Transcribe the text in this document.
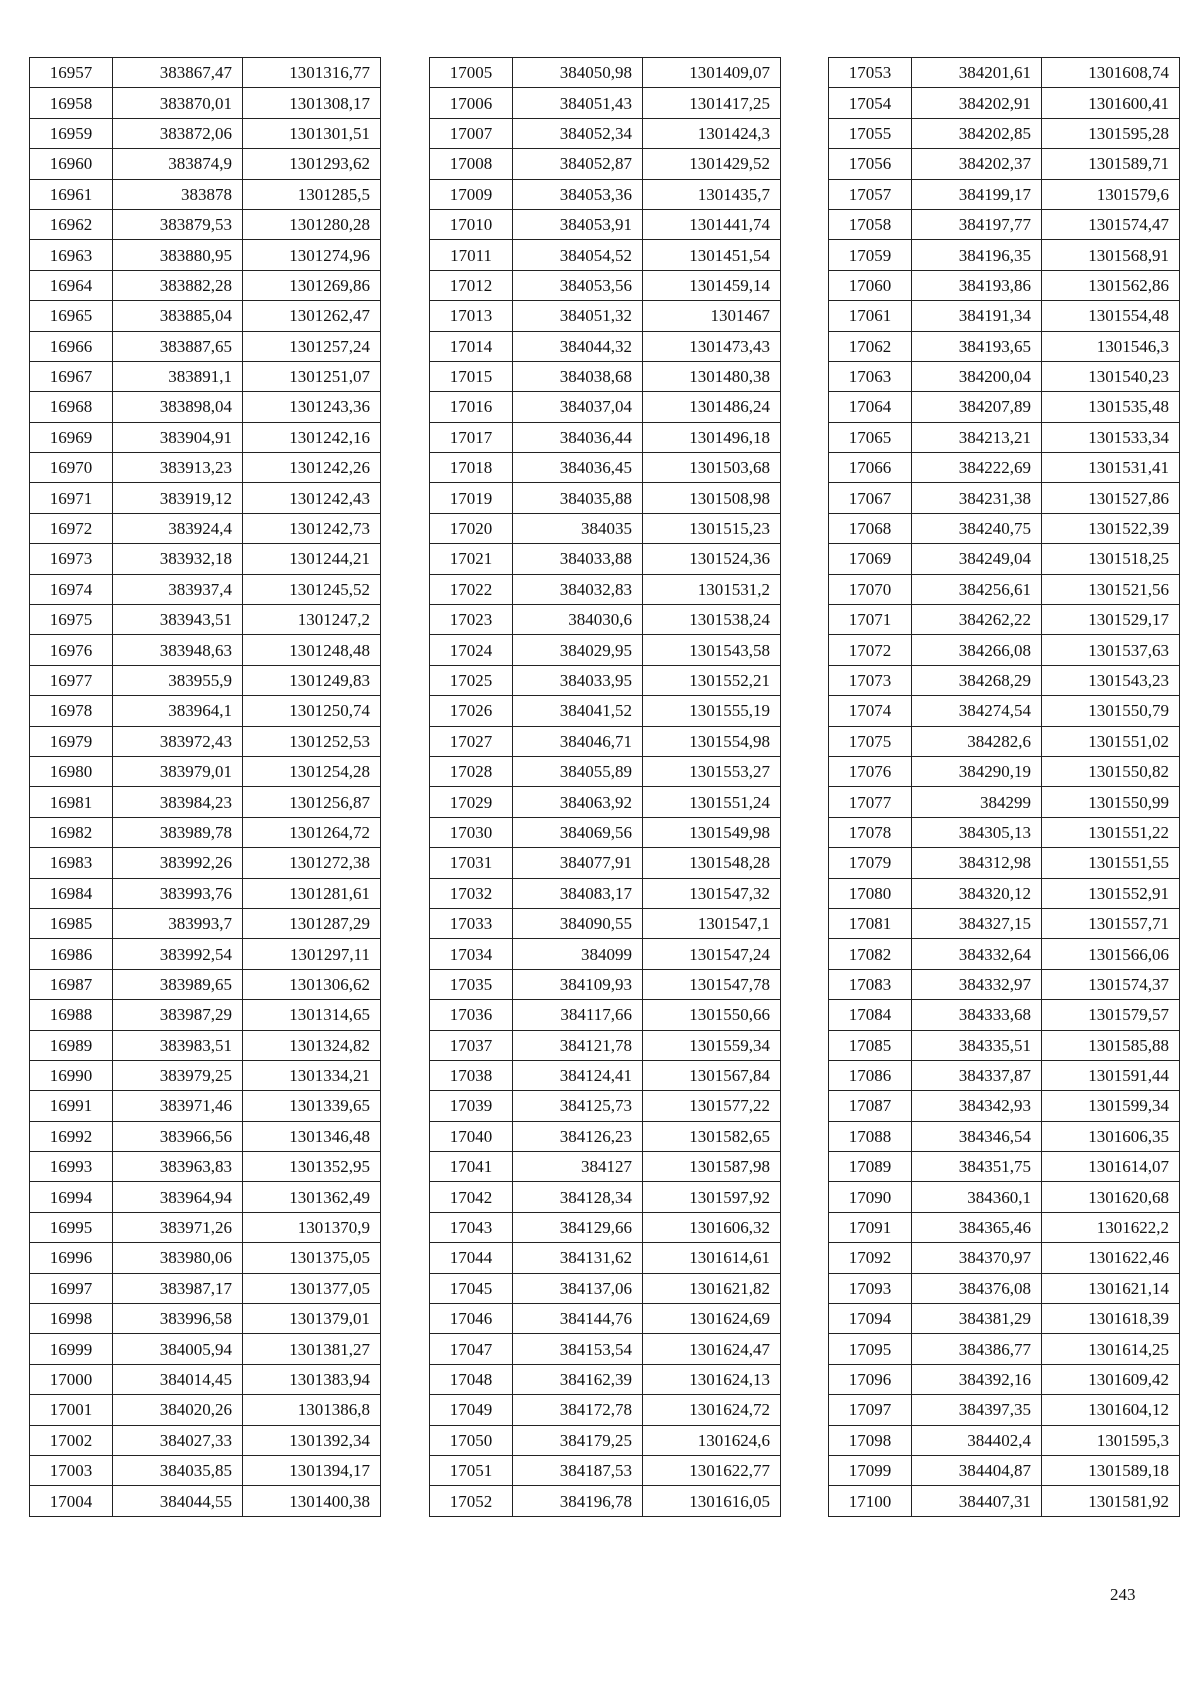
16957	383867,47	1301316,77
16958	383870,01	1301308,17
16959	383872,06	1301301,51
16960	383874,9	1301293,62
16961	383878	1301285,5
16962	383879,53	1301280,28
16963	383880,95	1301274,96
16964	383882,28	1301269,86
16965	383885,04	1301262,47
16966	383887,65	1301257,24
16967	383891,1	1301251,07
16968	383898,04	1301243,36
16969	383904,91	1301242,16
16970	383913,23	1301242,26
16971	383919,12	1301242,43
16972	383924,4	1301242,73
16973	383932,18	1301244,21
16974	383937,4	1301245,52
16975	383943,51	1301247,2
16976	383948,63	1301248,48
16977	383955,9	1301249,83
16978	383964,1	1301250,74
16979	383972,43	1301252,53
16980	383979,01	1301254,28
16981	383984,23	1301256,87
16982	383989,78	1301264,72
16983	383992,26	1301272,38
16984	383993,76	1301281,61
16985	383993,7	1301287,29
16986	383992,54	1301297,11
16987	383989,65	1301306,62
16988	383987,29	1301314,65
16989	383983,51	1301324,82
16990	383979,25	1301334,21
16991	383971,46	1301339,65
16992	383966,56	1301346,48
16993	383963,83	1301352,95
16994	383964,94	1301362,49
16995	383971,26	1301370,9
16996	383980,06	1301375,05
16997	383987,17	1301377,05
16998	383996,58	1301379,01
16999	384005,94	1301381,27
17000	384014,45	1301383,94
17001	384020,26	1301386,8
17002	384027,33	1301392,34
17003	384035,85	1301394,17
17004	384044,55	1301400,38
17005	384050,98	1301409,07
17006	384051,43	1301417,25
17007	384052,34	1301424,3
17008	384052,87	1301429,52
17009	384053,36	1301435,7
17010	384053,91	1301441,74
17011	384054,52	1301451,54
17012	384053,56	1301459,14
17013	384051,32	1301467
17014	384044,32	1301473,43
17015	384038,68	1301480,38
17016	384037,04	1301486,24
17017	384036,44	1301496,18
17018	384036,45	1301503,68
17019	384035,88	1301508,98
17020	384035	1301515,23
17021	384033,88	1301524,36
17022	384032,83	1301531,2
17023	384030,6	1301538,24
17024	384029,95	1301543,58
17025	384033,95	1301552,21
17026	384041,52	1301555,19
17027	384046,71	1301554,98
17028	384055,89	1301553,27
17029	384063,92	1301551,24
17030	384069,56	1301549,98
17031	384077,91	1301548,28
17032	384083,17	1301547,32
17033	384090,55	1301547,1
17034	384099	1301547,24
17035	384109,93	1301547,78
17036	384117,66	1301550,66
17037	384121,78	1301559,34
17038	384124,41	1301567,84
17039	384125,73	1301577,22
17040	384126,23	1301582,65
17041	384127	1301587,98
17042	384128,34	1301597,92
17043	384129,66	1301606,32
17044	384131,62	1301614,61
17045	384137,06	1301621,82
17046	384144,76	1301624,69
17047	384153,54	1301624,47
17048	384162,39	1301624,13
17049	384172,78	1301624,72
17050	384179,25	1301624,6
17051	384187,53	1301622,77
17052	384196,78	1301616,05
17053	384201,61	1301608,74
17054	384202,91	1301600,41
17055	384202,85	1301595,28
17056	384202,37	1301589,71
17057	384199,17	1301579,6
17058	384197,77	1301574,47
17059	384196,35	1301568,91
17060	384193,86	1301562,86
17061	384191,34	1301554,48
17062	384193,65	1301546,3
17063	384200,04	1301540,23
17064	384207,89	1301535,48
17065	384213,21	1301533,34
17066	384222,69	1301531,41
17067	384231,38	1301527,86
17068	384240,75	1301522,39
17069	384249,04	1301518,25
17070	384256,61	1301521,56
17071	384262,22	1301529,17
17072	384266,08	1301537,63
17073	384268,29	1301543,23
17074	384274,54	1301550,79
17075	384282,6	1301551,02
17076	384290,19	1301550,82
17077	384299	1301550,99
17078	384305,13	1301551,22
17079	384312,98	1301551,55
17080	384320,12	1301552,91
17081	384327,15	1301557,71
17082	384332,64	1301566,06
17083	384332,97	1301574,37
17084	384333,68	1301579,57
17085	384335,51	1301585,88
17086	384337,87	1301591,44
17087	384342,93	1301599,34
17088	384346,54	1301606,35
17089	384351,75	1301614,07
17090	384360,1	1301620,68
17091	384365,46	1301622,2
17092	384370,97	1301622,46
17093	384376,08	1301621,14
17094	384381,29	1301618,39
17095	384386,77	1301614,25
17096	384392,16	1301609,42
17097	384397,35	1301604,12
17098	384402,4	1301595,3
17099	384404,87	1301589,18
17100	384407,31	1301581,92
243
